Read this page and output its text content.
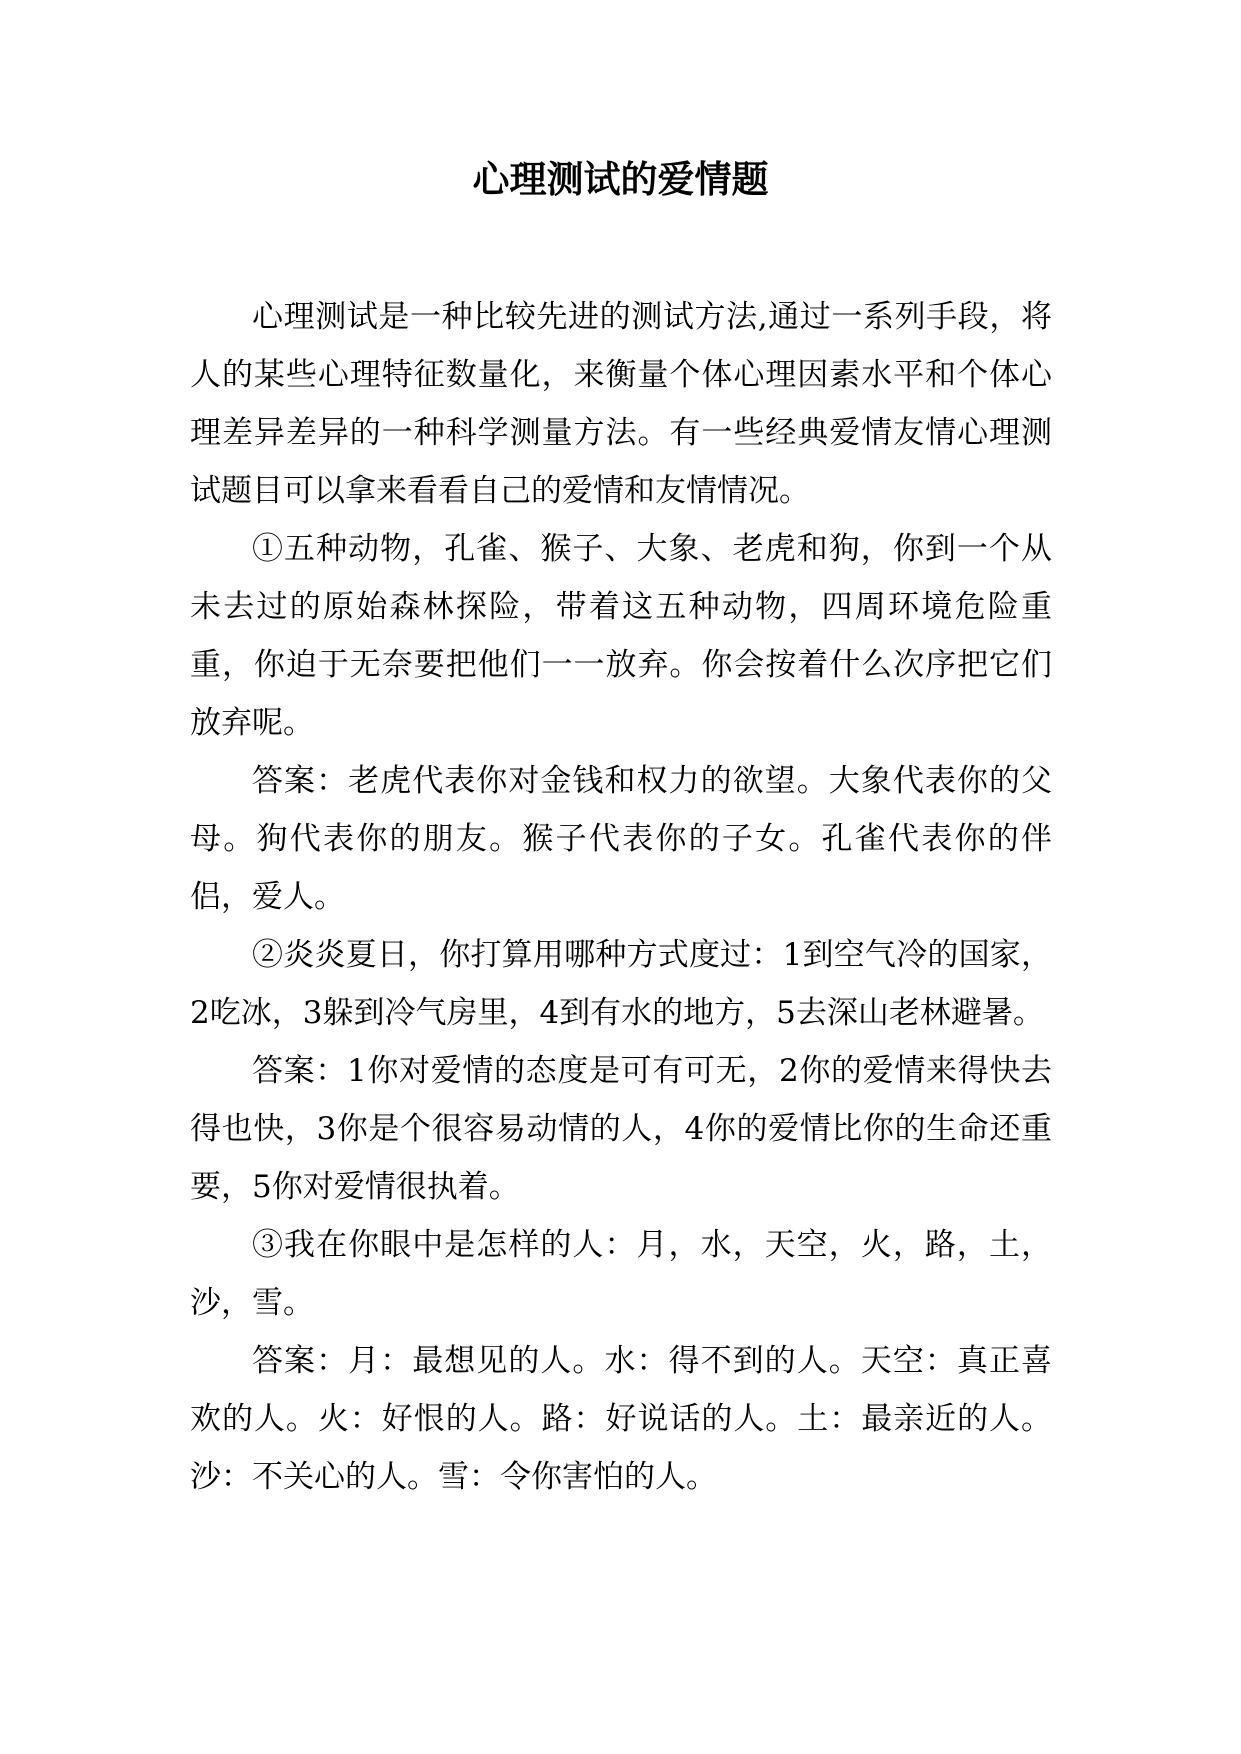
心理测试的爱情题

心理测试是一种比较先进的测试方法,通过一系列手段，将人的某些心理特征数量化，来衡量个体心理因素水平和个体心理差异差异的一种科学测量方法。有一些经典爱情友情心理测试题目可以拿来看看自己的爱情和友情情况。

①五种动物，孔雀、猴子、大象、老虎和狗，你到一个从未去过的原始森林探险，带着这五种动物，四周环境危险重重，你迫于无奈要把他们一一放弃。你会按着什么次序把它们放弃呢。

答案：老虎代表你对金钱和权力的欲望。大象代表你的父母。狗代表你的朋友。猴子代表你的子女。孔雀代表你的伴侣，爱人。

②炎炎夏日，你打算用哪种方式度过：1到空气冷的国家，2吃冰，3躲到冷气房里，4到有水的地方，5去深山老林避暑。

答案：1你对爱情的态度是可有可无，2你的爱情来得快去得也快，3你是个很容易动情的人，4你的爱情比你的生命还重要，5你对爱情很执着。

③我在你眼中是怎样的人：月，水，天空，火，路，土，沙，雪。

答案：月：最想见的人。水：得不到的人。天空：真正喜欢的人。火：好恨的人。路：好说话的人。土：最亲近的人。沙：不关心的人。雪：令你害怕的人。
